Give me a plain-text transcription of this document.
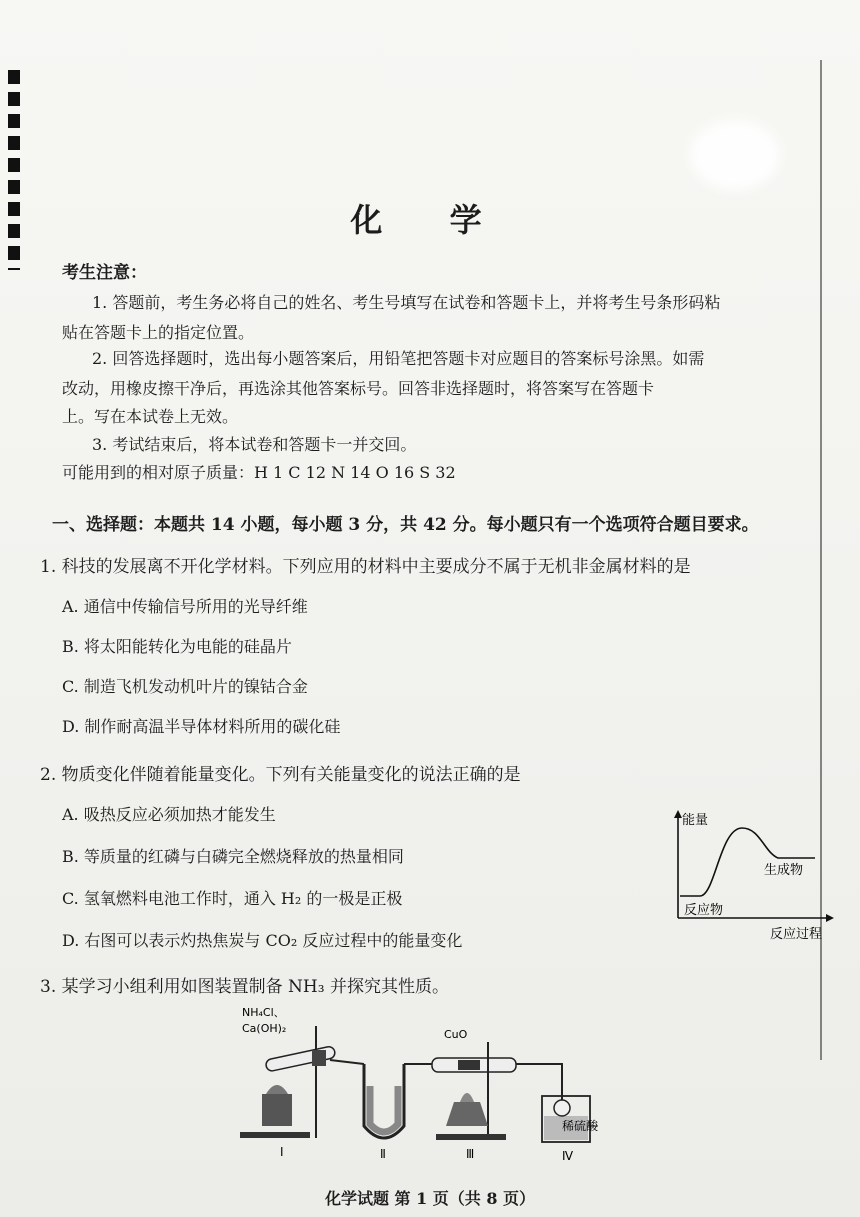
化 学
考生注意：
1. 答题前，考生务必将自己的姓名、考生号填写在试卷和答题卡上，并将考生号条形码粘
贴在答题卡上的指定位置。
2. 回答选择题时，选出每小题答案后，用铅笔把答题卡对应题目的答案标号涂黑。如需
改动，用橡皮擦干净后，再选涂其他答案标号。回答非选择题时，将答案写在答题卡
上。写在本试卷上无效。
3. 考试结束后，将本试卷和答题卡一并交回。
可能用到的相对原子质量：H 1 C 12 N 14 O 16 S 32
一、选择题：本题共 14 小题，每小题 3 分，共 42 分。每小题只有一个选项符合题目要求。
1. 科技的发展离不开化学材料。下列应用的材料中主要成分不属于无机非金属材料的是
A. 通信中传输信号所用的光导纤维
B. 将太阳能转化为电能的硅晶片
C. 制造飞机发动机叶片的镍钴合金
D. 制作耐高温半导体材料所用的碳化硅
2. 物质变化伴随着能量变化。下列有关能量变化的说法正确的是
A. 吸热反应必须加热才能发生
B. 等质量的红磷与白磷完全燃烧释放的热量相同
C. 氢氧燃料电池工作时，通入 H₂ 的一极是正极
D. 右图可以表示灼热焦炭与 CO₂ 反应过程中的能量变化
能量
生成物
反应物
反应过程
3. 某学习小组利用如图装置制备 NH₃ 并探究其性质。
NH₄Cl、
Ca(OH)₂	CuO
稀硫酸
Ⅰ	Ⅱ	Ⅲ	Ⅳ
化学试题 第 1 页（共 8 页）
